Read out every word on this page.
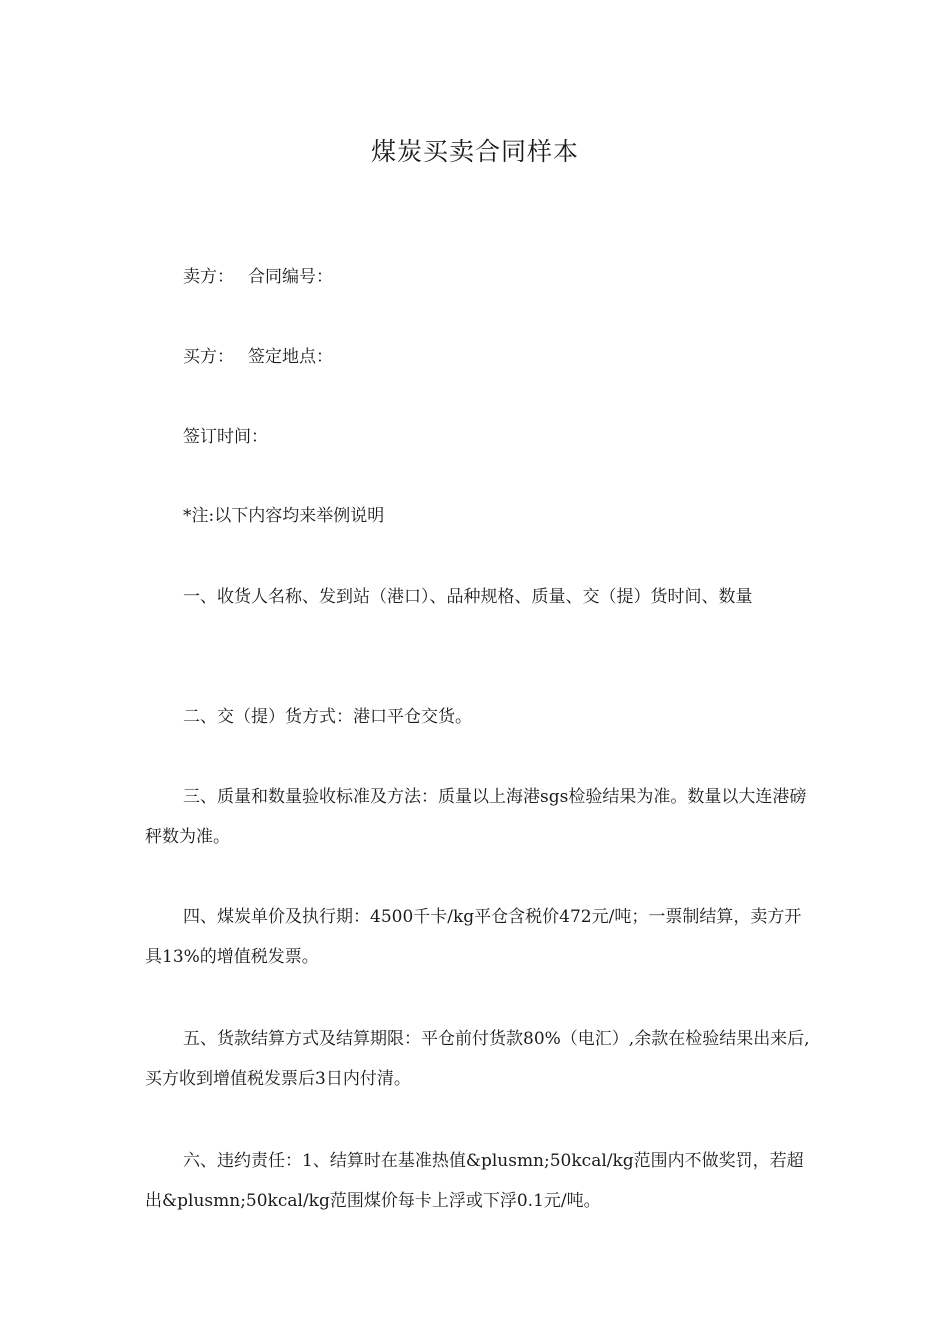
煤炭买卖合同样本
卖方： 合同编号：
买方： 签定地点：
签订时间：
*注:以下内容均来举例说明
一、收货人名称、发到站（港口）、品种规格、质量、交（提）货时间、数量
二、交（提）货方式：港口平仓交货。
三、质量和数量验收标准及方法：质量以上海港sgs检验结果为准。数量以大连港磅秤数为准。
四、煤炭单价及执行期：4500千卡/kg平仓含税价472元/吨；一票制结算，卖方开具13%的增值税发票。
五、货款结算方式及结算期限：平仓前付货款80%（电汇）,余款在检验结果出来后,买方收到增值税发票后3日内付清。
六、违约责任：1、结算时在基准热值&plusmn;50kcal/kg范围内不做奖罚，若超出&plusmn;50kcal/kg范围煤价每卡上浮或下浮0.1元/吨。
